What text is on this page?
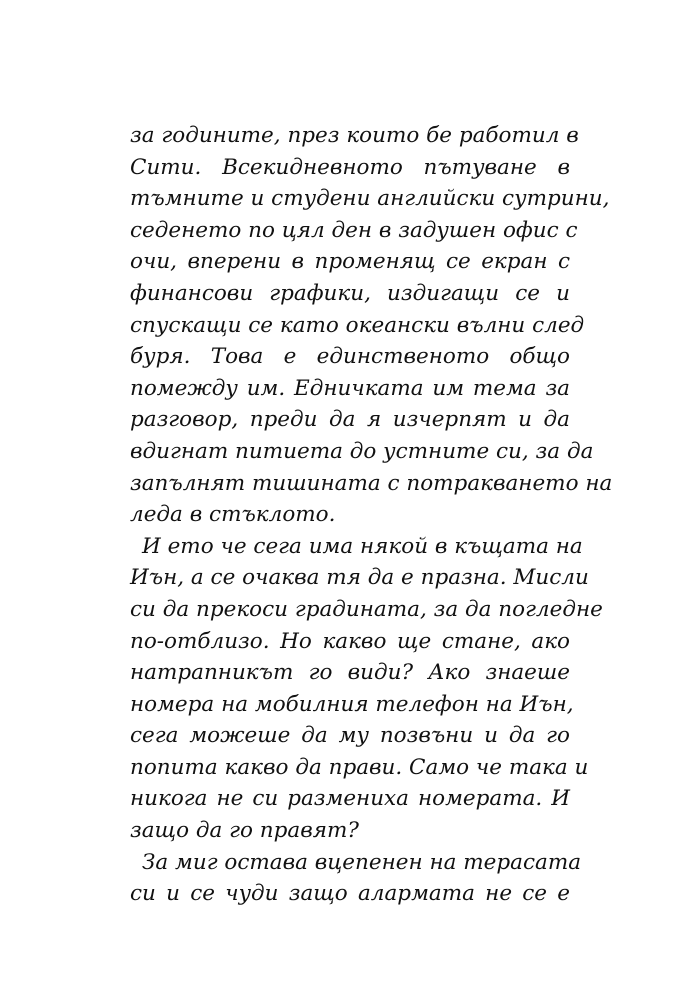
за годините, през които бе работил в
Сити. Всекидневното пътуване в
тъмните и студени английски сутрини,
седенето по цял ден в задушен офис с
очи, вперени в променящ се екран с
финансови графики, издигащи се и
спускащи се като океански вълни след
буря. Това е единственото общо
помежду им. Едничката им тема за
разговор, преди да я изчерпят и да
вдигнат питиета до устните си, за да
запълнят тишината с потракването на
леда в стъклото.
И ето че сега има някой в къщата на
Иън, а се очаква тя да е празна. Мисли
си да прекоси градината, за да погледне
по-отблизо. Но какво ще стане, ако
натрапникът го види? Ако знаеше
номера на мобилния телефон на Иън,
сега можеше да му позвъни и да го
попита какво да прави. Само че така и
никога не си размениха номерата. И
защо да го правят?
За миг остава вцепенен на терасата
си и се чуди защо алармата не се е
